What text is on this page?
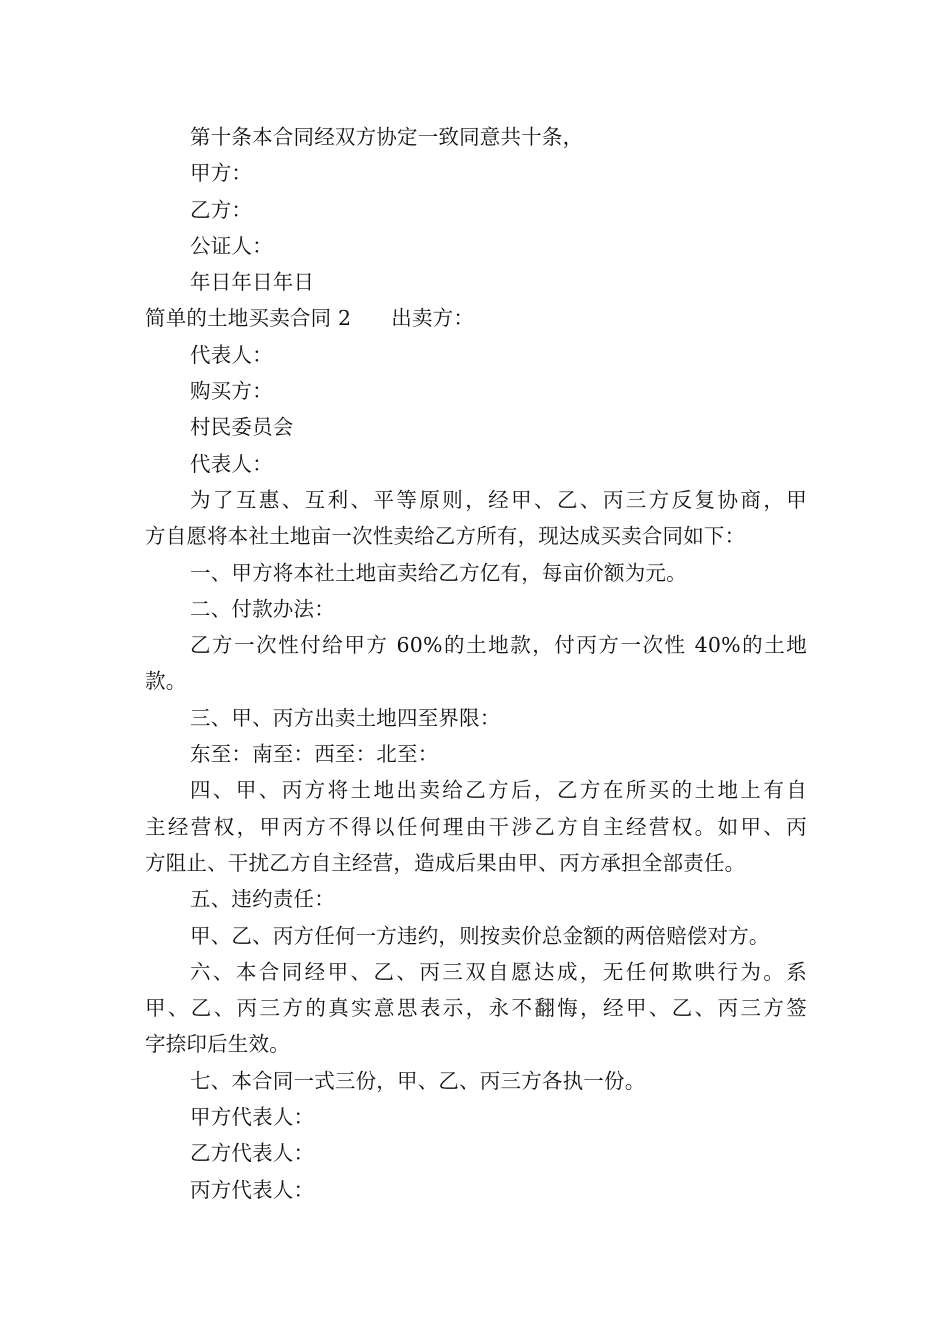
第十条本合同经双方协定一致同意共十条，
甲方：
乙方：
公证人：
年日年日年日
简单的土地买卖合同 2 出卖方：
代表人：
购买方：
村民委员会
代表人：
为了互惠、互利、平等原则，经甲、乙、丙三方反复协商，甲
方自愿将本社土地亩一次性卖给乙方所有，现达成买卖合同如下：
一、甲方将本社土地亩卖给乙方亿有，每亩价额为元。
二、付款办法：
乙方一次性付给甲方 60%的土地款，付丙方一次性 40%的土地
款。
三、甲、丙方出卖土地四至界限：
东至：南至：西至：北至：
四、甲、丙方将土地出卖给乙方后，乙方在所买的土地上有自
主经营权，甲丙方不得以任何理由干涉乙方自主经营权。如甲、丙
方阻止、干扰乙方自主经营，造成后果由甲、丙方承担全部责任。
五、违约责任：
甲、乙、丙方任何一方违约，则按卖价总金额的两倍赔偿对方。
六、本合同经甲、乙、丙三双自愿达成，无任何欺哄行为。系
甲、乙、丙三方的真实意思表示，永不翻悔，经甲、乙、丙三方签
字捺印后生效。
七、本合同一式三份，甲、乙、丙三方各执一份。
甲方代表人：
乙方代表人：
丙方代表人：
